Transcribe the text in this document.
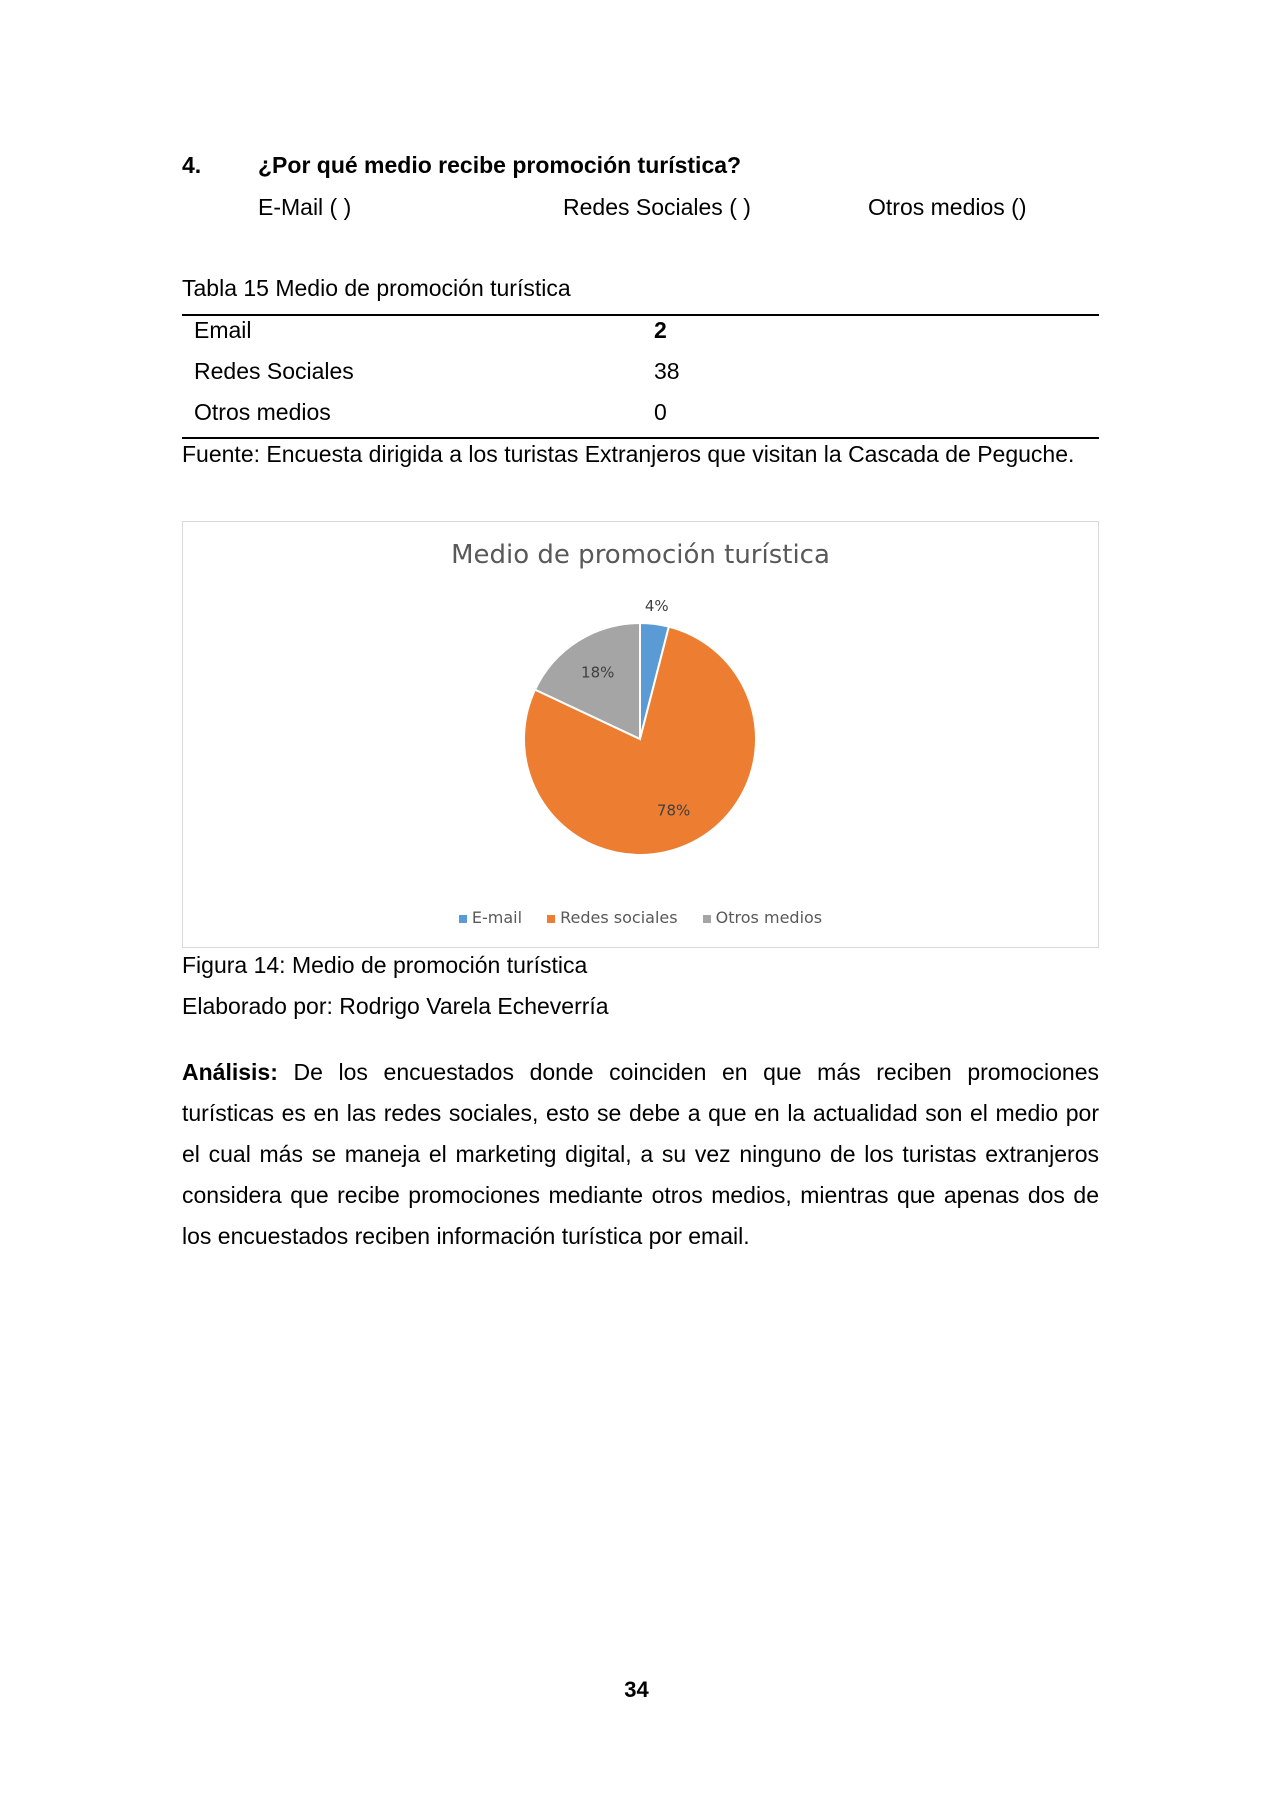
4. ¿Por qué medio recibe promoción turística?
E-Mail ( )	Redes Sociales ( )	Otros medios ()
Tabla 15 Medio de promoción turística
Email	2
Redes Sociales	38
Otros medios	0
Fuente: Encuesta dirigida a los turistas Extranjeros que visitan la Cascada de Peguche.
Medio de promoción turística
4%
78%
18%
E-mail Redes sociales Otros medios
Figura 14: Medio de promoción turística
Elaborado por: Rodrigo Varela Echeverría
Análisis: De los encuestados donde coinciden en que más reciben promociones turísticas es en las redes sociales, esto se debe a que en la actualidad son el medio por el cual más se maneja el marketing digital, a su vez ninguno de los turistas extranjeros considera que recibe promociones mediante otros medios, mientras que apenas dos de los encuestados reciben información turística por email.
34
